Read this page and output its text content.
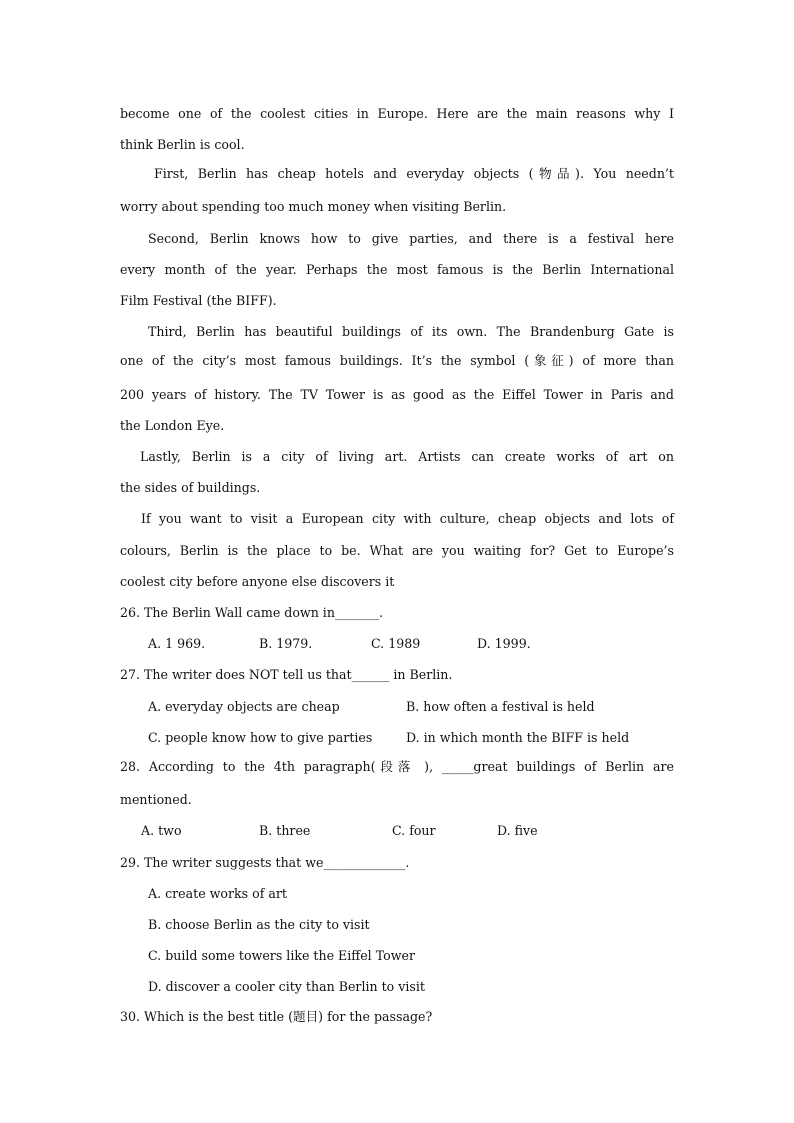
become one of the coolest cities in Europe. Here are the main reasons why I
think Berlin is cool.
First, Berlin has cheap hotels and everyday objects (物品). You needn’t
worry about spending too much money when visiting Berlin.
Second, Berlin knows how to give parties, and there is a festival here
every month of the year. Perhaps the most famous is the Berlin International
Film Festival (the BIFF).
Third, Berlin has beautiful buildings of its own. The Brandenburg Gate is
one of the city’s most famous buildings. It’s the symbol (象征) of more than
200 years of history. The TV Tower is as good as the Eiffel Tower in Paris and
the London Eye.
Lastly, Berlin is a city of living art. Artists can create works of art on
the sides of buildings.
If you want to visit a European city with culture, cheap objects and lots of
colours, Berlin is the place to be. What are you waiting for? Get to Europe’s
coolest city before anyone else discovers it
26. The Berlin Wall came down in_______.
A. 1 969.	B. 1979.	C. 1989	D. 1999.
27. The writer does NOT tell us that______ in Berlin.
A. everyday objects are cheap	B. how often a festival is held
C. people know how to give parties	D. in which month the BIFF is held
28. According to the 4th paragraph(段落 ), _____great buildings of Berlin are
mentioned.
A. two	B. three	C. four	D. five
29. The writer suggests that we_____________.
A. create works of art
B. choose Berlin as the city to visit
C. build some towers like the Eiffel Tower
D. discover a cooler city than Berlin to visit
30. Which is the best title (题目) for the passage?
